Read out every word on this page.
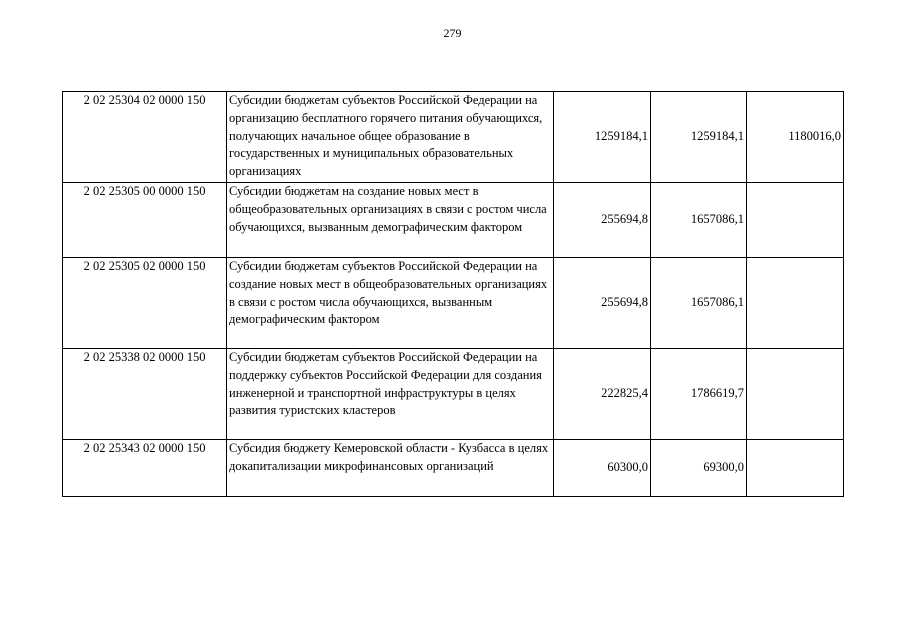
279
2 02 25304 02 0000 150	Субсидии бюджетам субъектов Российской Федерации на организацию бесплатного горячего питания обучающихся, получающих начальное общее образование в государственных и муниципальных образовательных организациях	1259184,1	1259184,1	1180016,0
2 02 25305 00 0000 150	Субсидии бюджетам на создание новых мест в общеобразовательных организациях в связи с ростом числа обучающихся, вызванным демографическим фактором	255694,8	1657086,1	
2 02 25305 02 0000 150	Субсидии бюджетам субъектов Российской Федерации на создание новых мест в общеобразовательных организациях в связи с ростом числа обучающихся, вызванным демографическим фактором	255694,8	1657086,1	
2 02 25338 02 0000 150	Субсидии бюджетам субъектов Российской Федерации на поддержку субъектов Российской Федерации для создания инженерной и транспортной инфраструктуры в целях развития туристских кластеров	222825,4	1786619,7	
2 02 25343 02 0000 150	Субсидия бюджету Кемеровской области - Кузбасса в целях докапитализации микрофинансовых организаций	60300,0	69300,0	
